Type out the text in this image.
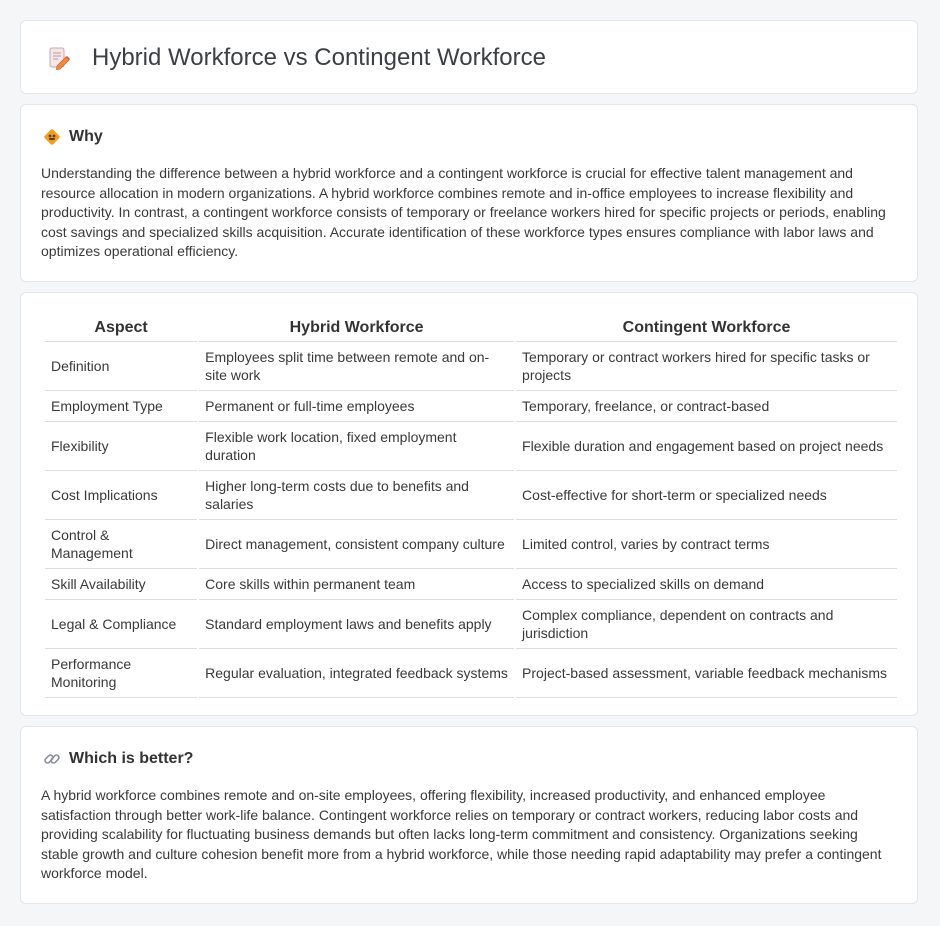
Hybrid Workforce vs Contingent Workforce
Why

Understanding the difference between a hybrid workforce and a contingent workforce is crucial for effective talent management and resource allocation in modern organizations. A hybrid workforce combines remote and in-office employees to increase flexibility and productivity. In contrast, a contingent workforce consists of temporary or freelance workers hired for specific projects or periods, enabling cost savings and specialized skills acquisition. Accurate identification of these workforce types ensures compliance with labor laws and optimizes operational efficiency.

Aspect	Hybrid Workforce	Contingent Workforce
Definition	Employees split time between remote and on-site work	Temporary or contract workers hired for specific tasks or projects
Employment Type	Permanent or full-time employees	Temporary, freelance, or contract-based
Flexibility	Flexible work location, fixed employment duration	Flexible duration and engagement based on project needs
Cost Implications	Higher long-term costs due to benefits and salaries	Cost-effective for short-term or specialized needs
Control & Management	Direct management, consistent company culture	Limited control, varies by contract terms
Skill Availability	Core skills within permanent team	Access to specialized skills on demand
Legal & Compliance	Standard employment laws and benefits apply	Complex compliance, dependent on contracts and jurisdiction
Performance Monitoring	Regular evaluation, integrated feedback systems	Project-based assessment, variable feedback mechanisms
Which is better?

A hybrid workforce combines remote and on-site employees, offering flexibility, increased productivity, and enhanced employee satisfaction through better work-life balance. Contingent workforce relies on temporary or contract workers, reducing labor costs and providing scalability for fluctuating business demands but often lacks long-term commitment and consistency. Organizations seeking stable growth and culture cohesion benefit more from a hybrid workforce, while those needing rapid adaptability may prefer a contingent workforce model.
